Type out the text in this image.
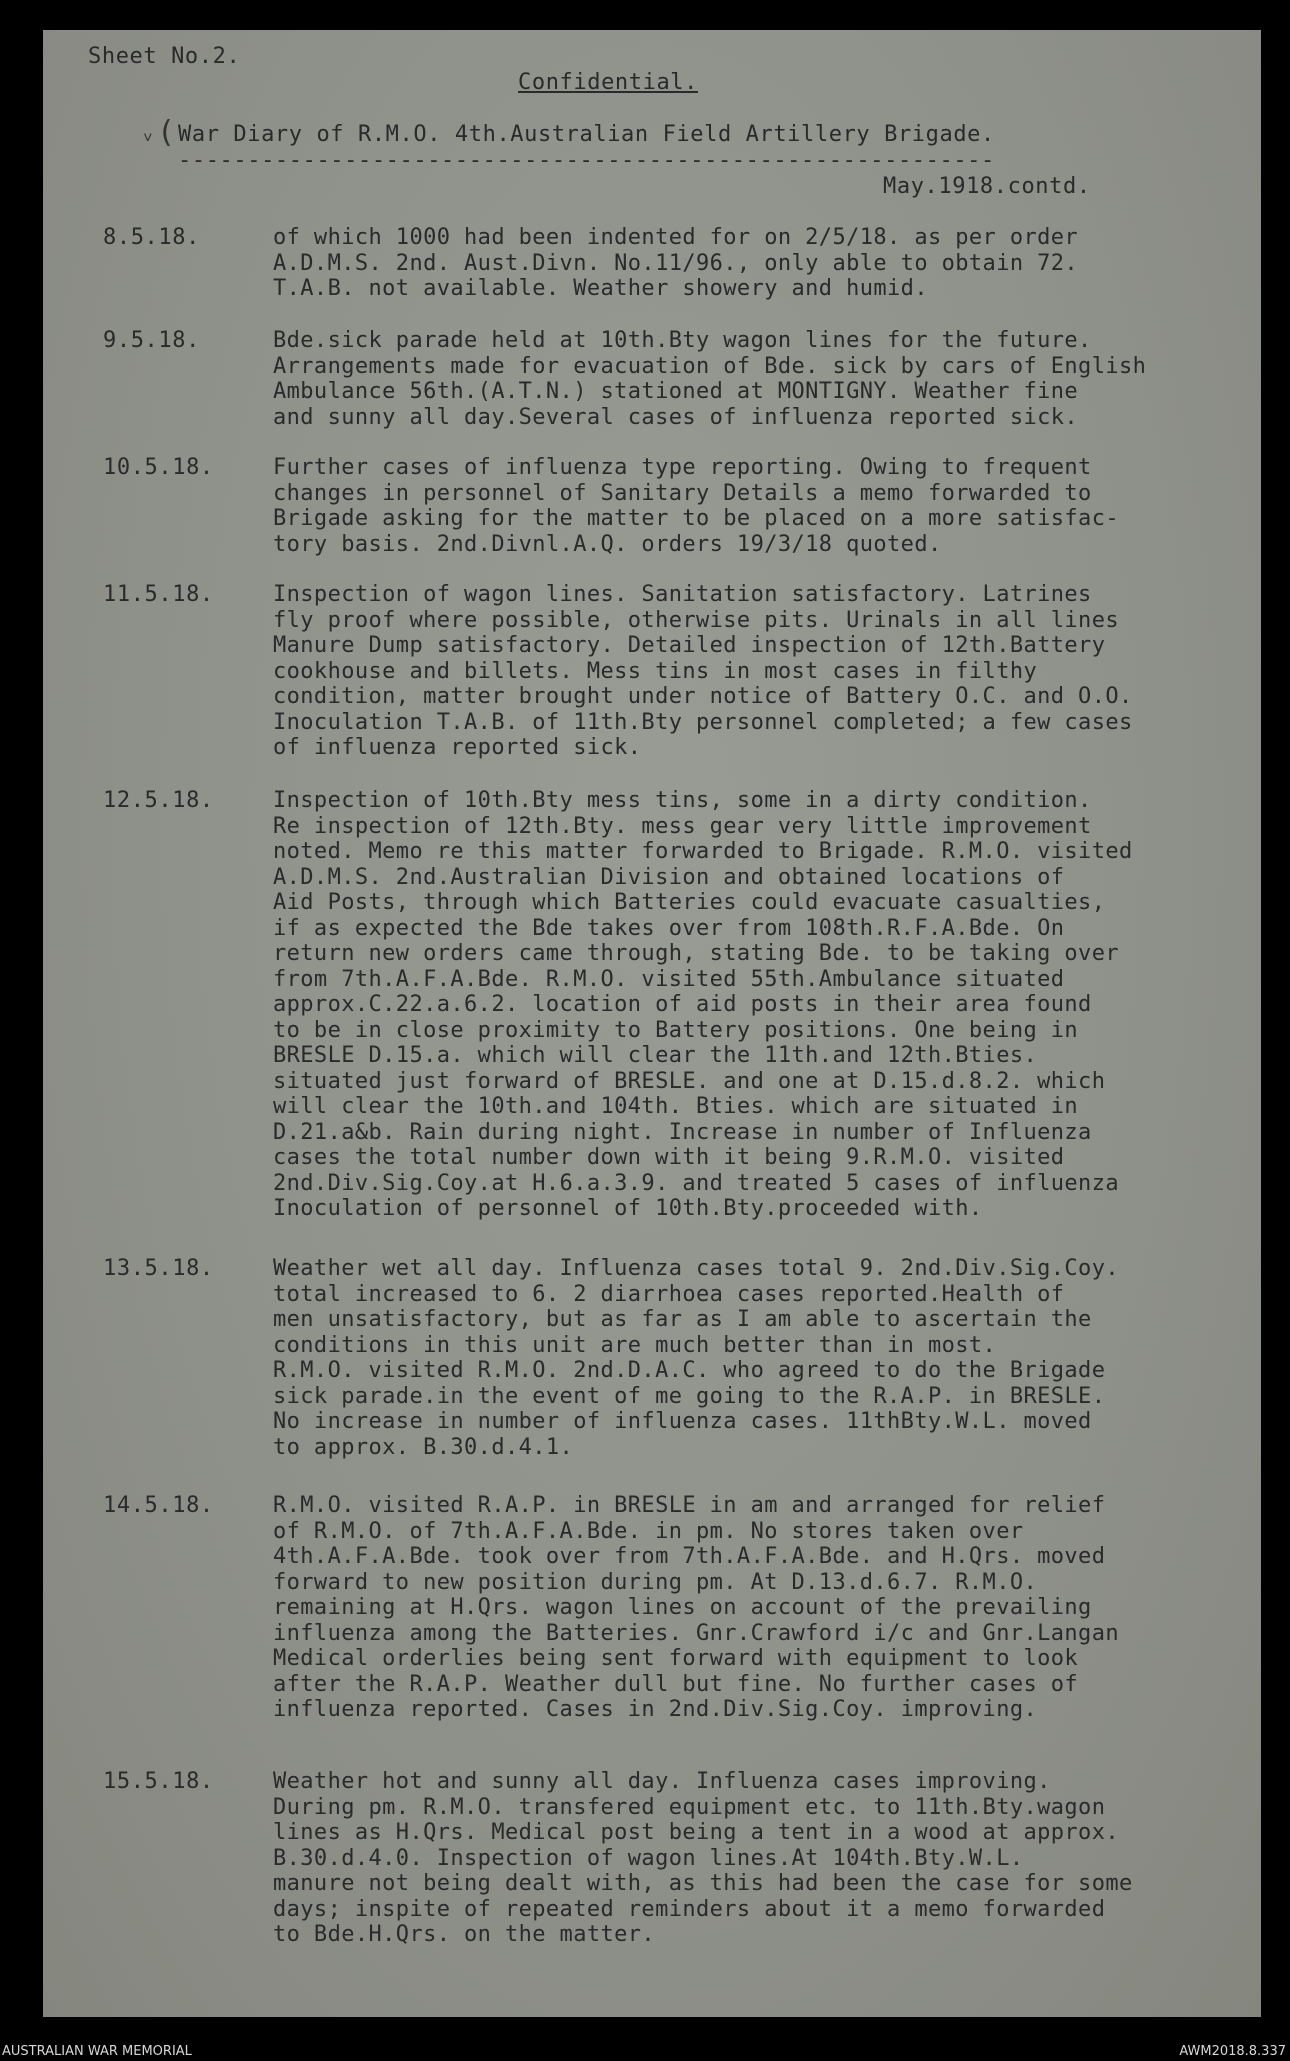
Sheet No.2.
Confidential.
(
˅ War Diary of R.M.O. 4th.Australian Field Artillery Brigade.
-----------------------------------------------------------
May.1918.contd.
8.5.18.	of which 1000 had been indented for on 2/5/18. as per order
A.D.M.S. 2nd. Aust.Divn. No.11/96., only able to obtain 72.
T.A.B. not available. Weather showery and humid.
9.5.18.	Bde.sick parade held at 10th.Bty wagon lines for the future.
Arrangements made for evacuation of Bde. sick by cars of English
Ambulance 56th.(A.T.N.) stationed at MONTIGNY. Weather fine
and sunny all day.Several cases of influenza reported sick.
10.5.18.	Further cases of influenza type reporting. Owing to frequent
changes in personnel of Sanitary Details a memo forwarded to
Brigade asking for the matter to be placed on a more satisfac-
tory basis. 2nd.Divnl.A.Q. orders 19/3/18 quoted.
11.5.18.	Inspection of wagon lines. Sanitation satisfactory. Latrines
fly proof where possible, otherwise pits. Urinals in all lines
Manure Dump satisfactory. Detailed inspection of 12th.Battery
cookhouse and billets. Mess tins in most cases in filthy
condition, matter brought under notice of Battery O.C. and O.O.
Inoculation T.A.B. of 11th.Bty personnel completed; a few cases
of influenza reported sick.
12.5.18.	Inspection of 10th.Bty mess tins, some in a dirty condition.
Re inspection of 12th.Bty. mess gear very little improvement
noted. Memo re this matter forwarded to Brigade. R.M.O. visited
A.D.M.S. 2nd.Australian Division and obtained locations of
Aid Posts, through which Batteries could evacuate casualties,
if as expected the Bde takes over from 108th.R.F.A.Bde. On
return new orders came through, stating Bde. to be taking over
from 7th.A.F.A.Bde. R.M.O. visited 55th.Ambulance situated
approx.C.22.a.6.2. location of aid posts in their area found
to be in close proximity to Battery positions. One being in
BRESLE D.15.a. which will clear the 11th.and 12th.Bties.
situated just forward of BRESLE. and one at D.15.d.8.2. which
will clear the 10th.and 104th. Bties. which are situated in
D.21.a&b. Rain during night. Increase in number of Influenza
cases the total number down with it being 9.R.M.O. visited
2nd.Div.Sig.Coy.at H.6.a.3.9. and treated 5 cases of influenza
Inoculation of personnel of 10th.Bty.proceeded with.
13.5.18.	Weather wet all day. Influenza cases total 9. 2nd.Div.Sig.Coy.
total increased to 6. 2 diarrhoea cases reported.Health of
men unsatisfactory, but as far as I am able to ascertain the
conditions in this unit are much better than in most.
R.M.O. visited R.M.O. 2nd.D.A.C. who agreed to do the Brigade
sick parade.in the event of me going to the R.A.P. in BRESLE.
No increase in number of influenza cases. 11thBty.W.L. moved
to approx. B.30.d.4.1.
14.5.18.	R.M.O. visited R.A.P. in BRESLE in am and arranged for relief
of R.M.O. of 7th.A.F.A.Bde. in pm. No stores taken over
4th.A.F.A.Bde. took over from 7th.A.F.A.Bde. and H.Qrs. moved
forward to new position during pm. At D.13.d.6.7. R.M.O.
remaining at H.Qrs. wagon lines on account of the prevailing
influenza among the Batteries. Gnr.Crawford i/c and Gnr.Langan
Medical orderlies being sent forward with equipment to look
after the R.A.P. Weather dull but fine. No further cases of
influenza reported. Cases in 2nd.Div.Sig.Coy. improving.
15.5.18.	Weather hot and sunny all day. Influenza cases improving.
During pm. R.M.O. transfered equipment etc. to 11th.Bty.wagon
lines as H.Qrs. Medical post being a tent in a wood at approx.
B.30.d.4.0. Inspection of wagon lines.At 104th.Bty.W.L.
manure not being dealt with, as this had been the case for some
days; inspite of repeated reminders about it a memo forwarded
to Bde.H.Qrs. on the matter.
AUSTRALIAN WAR MEMORIAL	AWM2018.8.337
